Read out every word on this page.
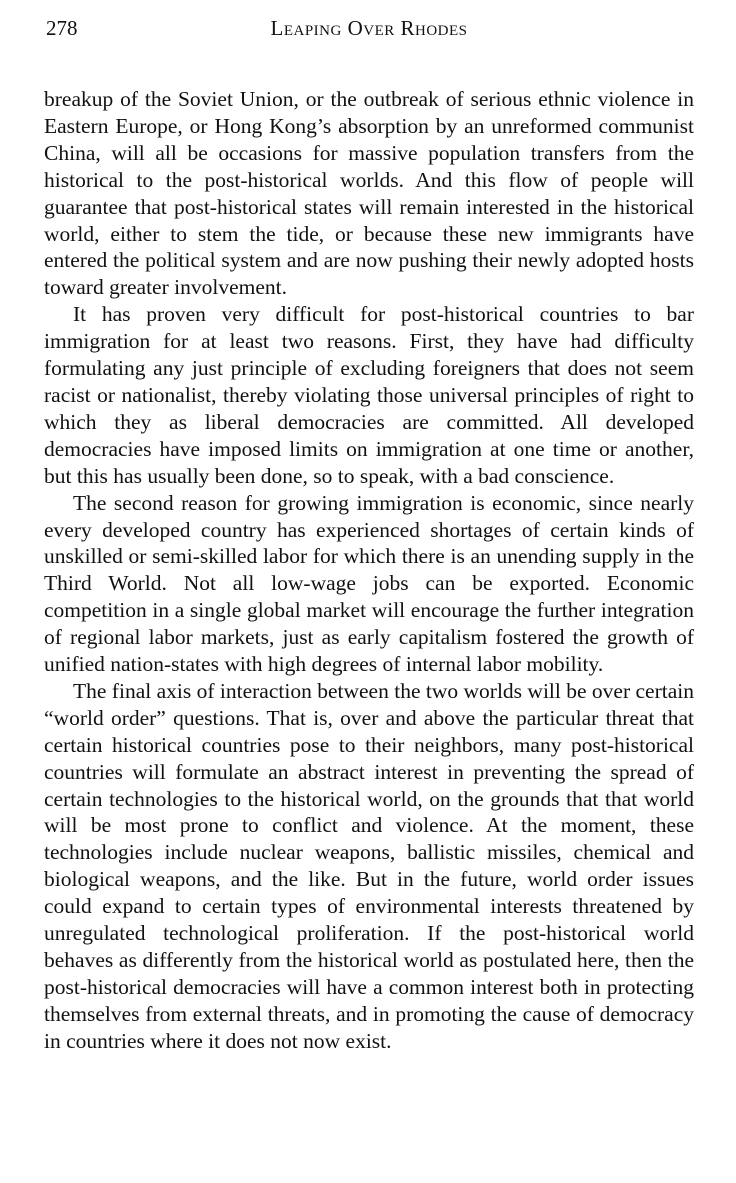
278	Leaping Over Rhodes

breakup of the Soviet Union, or the outbreak of serious ethnic violence in Eastern Europe, or Hong Kong’s absorption by an unreformed communist China, will all be occasions for massive population transfers from the historical to the post-historical worlds. And this flow of people will guarantee that post-historical states will remain interested in the historical world, either to stem the tide, or because these new immigrants have entered the political system and are now pushing their newly adopted hosts toward greater involvement.

It has proven very difficult for post-historical countries to bar immigration for at least two reasons. First, they have had difficulty formulating any just principle of excluding foreigners that does not seem racist or nationalist, thereby violating those universal principles of right to which they as liberal democracies are committed. All developed democracies have imposed limits on immigration at one time or another, but this has usually been done, so to speak, with a bad conscience.

The second reason for growing immigration is economic, since nearly every developed country has experienced shortages of certain kinds of unskilled or semi-skilled labor for which there is an unending supply in the Third World. Not all low-wage jobs can be exported. Economic competition in a single global market will encourage the further integration of regional labor markets, just as early capitalism fostered the growth of unified nation-states with high degrees of internal labor mobility.

The final axis of interaction between the two worlds will be over certain “world order” questions. That is, over and above the particular threat that certain historical countries pose to their neighbors, many post-historical countries will formulate an abstract interest in preventing the spread of certain technologies to the historical world, on the grounds that that world will be most prone to conflict and violence. At the moment, these technologies include nuclear weapons, ballistic missiles, chemical and biological weapons, and the like. But in the future, world order issues could expand to certain types of environmental interests threatened by unregulated technological proliferation. If the post-historical world behaves as differently from the historical world as postulated here, then the post-historical democracies will have a common interest both in protecting themselves from external threats, and in promoting the cause of democracy in countries where it does not now exist.
